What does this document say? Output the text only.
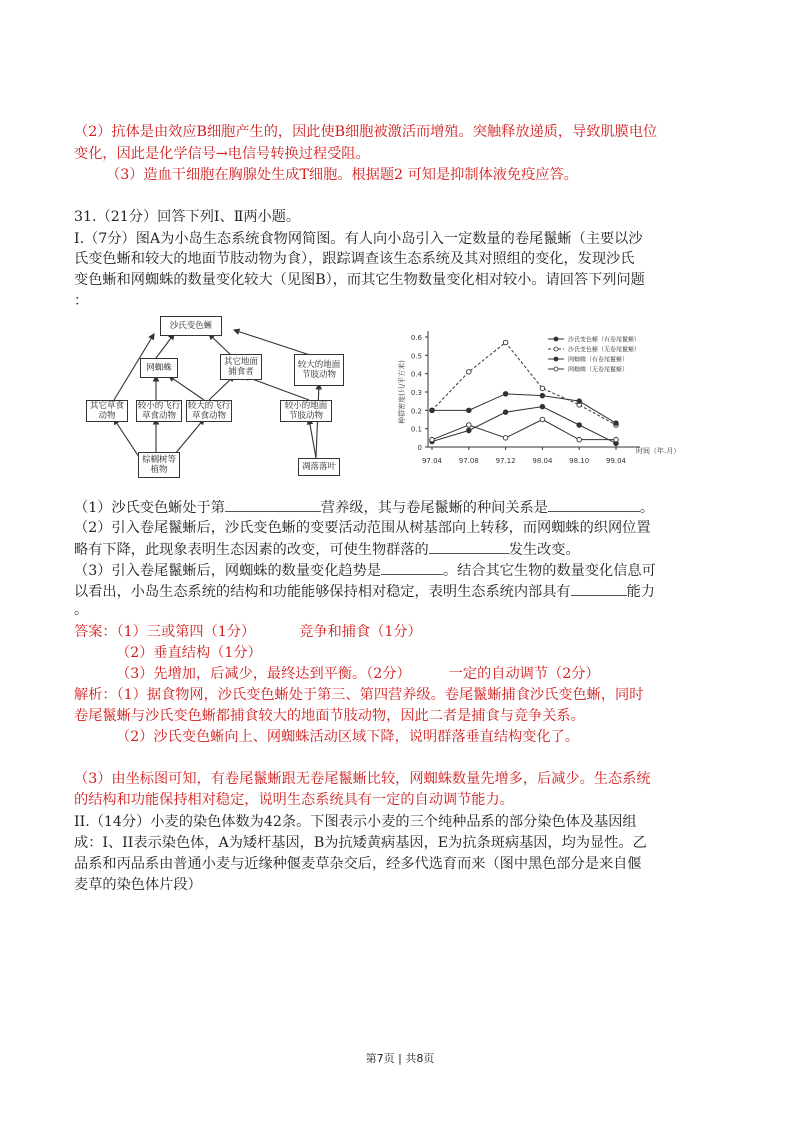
（2）抗体是由效应B细胞产生的，因此使B细胞被激活而增殖。突触释放递质，导致肌膜电位
变化，因此是化学信号→电信号转换过程受阻。
（3）造血干细胞在胸腺处生成T细胞。根据题2 可知是抑制体液免疫应答。
31.（21分）回答下列Ⅰ、Ⅱ两小题。
I.（7分）图A为小岛生态系统食物网简图。有人向小岛引入一定数量的卷尾鬣蜥（主要以沙
氏变色蜥和较大的地面节肢动物为食），跟踪调查该生态系统及其对照组的变化，发现沙氏
变色蜥和网蜘蛛的数量变化较大（见图B），而其它生物数量变化相对较小。请回答下列问题
：
沙氏变色蜥
网蜘蛛
其它地面捕食者
较大的地面节肢动物
其它草食动物
较小的飞行草食动物
较大的飞行草食动物
较小的地面节肢动物
棕榈树等植物	凋落落叶
0
0.1
0.2
0.3
0.4
0.5
0.6
97.04 97.08 97.12 98.04 98.10 99.04
种群密度(只/平方米)
时间（年.月）
沙氏变色蜥（有卷尾鬣蜥）
沙氏变色蜥（无卷尾鬣蜥）
网蜘蛛（有卷尾鬣蜥）
网蜘蛛（无卷尾鬣蜥）
（1）沙氏变色蜥处于第	营养级，其与卷尾鬣蜥的种间关系是	。
（2）引入卷尾鬣蜥后，沙氏变色蜥的变要活动范围从树基部向上转移，而网蜘蛛的织网位置
略有下降，此现象表明生态因素的改变，可使生物群落的	发生改变。
（3）引入卷尾鬣蜥后，网蜘蛛的数量变化趋势是	。结合其它生物的数量变化信息可
以看出，小岛生态系统的结构和功能能够保持相对稳定，表明生态系统内部具有	能力
。
答案：（1）三或第四（1分）	竞争和捕食（1分）
（2）垂直结构（1分）
（3）先增加，后减少，最终达到平衡。（2分）	一定的自动调节（2分）
解析：（1）据食物网，沙氏变色蜥处于第三、第四营养级。卷尾鬣蜥捕食沙氏变色蜥，同时
卷尾鬣蜥与沙氏变色蜥都捕食较大的地面节肢动物，因此二者是捕食与竞争关系。
（2）沙氏变色蜥向上、网蜘蛛活动区域下降，说明群落垂直结构变化了。
（3）由坐标图可知，有卷尾鬣蜥跟无卷尾鬣蜥比较，网蜘蛛数量先增多，后减少。生态系统
的结构和功能保持相对稳定，说明生态系统具有一定的自动调节能力。
II.（14分）小麦的染色体数为42条。下图表示小麦的三个纯种品系的部分染色体及基因组
成：I、II表示染色体，A为矮杆基因，B为抗矮黄病基因，E为抗条斑病基因，均为显性。乙
品系和丙品系由普通小麦与近缘种偃麦草杂交后，经多代选育而来（图中黑色部分是来自偃
麦草的染色体片段）
第7页 | 共8页
